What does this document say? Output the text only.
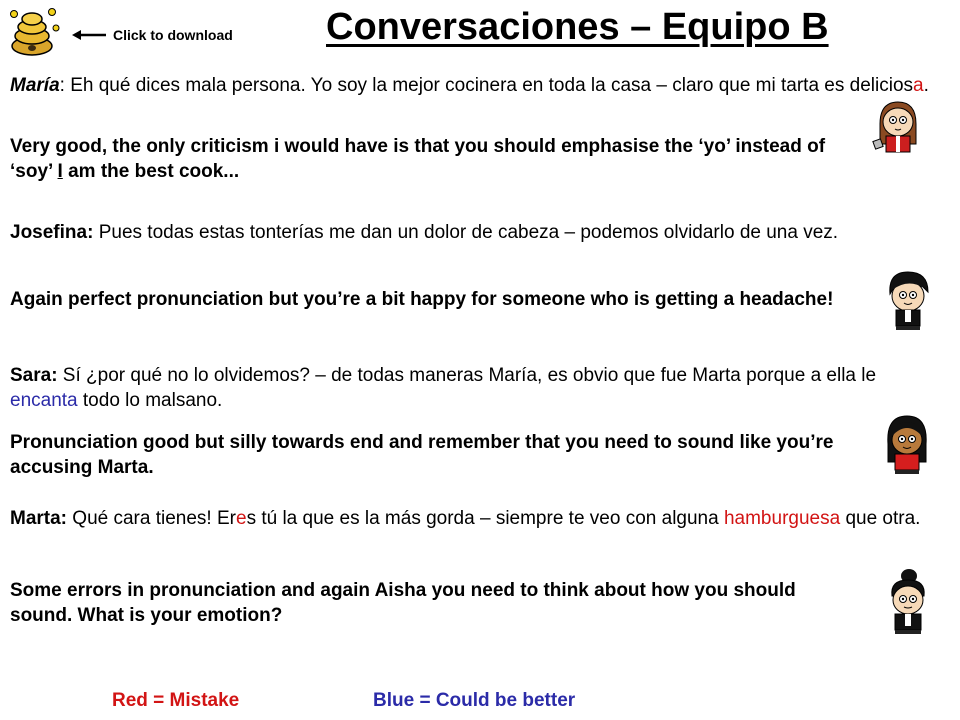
Click to download Conversaciones – Equipo B
María: Eh qué dices mala persona. Yo soy la mejor cocinera en toda la casa – claro que mi tarta es deliciosa.
Very good, the only criticism i would have is that you should emphasise the ‘yo’ instead of ‘soy’ I am the best cook...
Josefina: Pues todas estas tonterías me dan un dolor de cabeza – podemos olvidarlo de una vez.
Again perfect pronunciation but you’re a bit happy for someone who is getting a headache!
Sara: Sí ¿por qué no lo olvidemos? – de todas maneras María, es obvio que fue Marta porque a ella le encanta todo lo malsano.
Pronunciation good but silly towards end and remember that you need to sound like you’re accusing Marta.
Marta: Qué cara tienes! Eres tú la que es la más gorda – siempre te veo con alguna hamburguesa que otra.
Some errors in pronunciation and again Aisha you need to think about how you should sound. What is your emotion?
Red = Mistake	Blue = Could be better
